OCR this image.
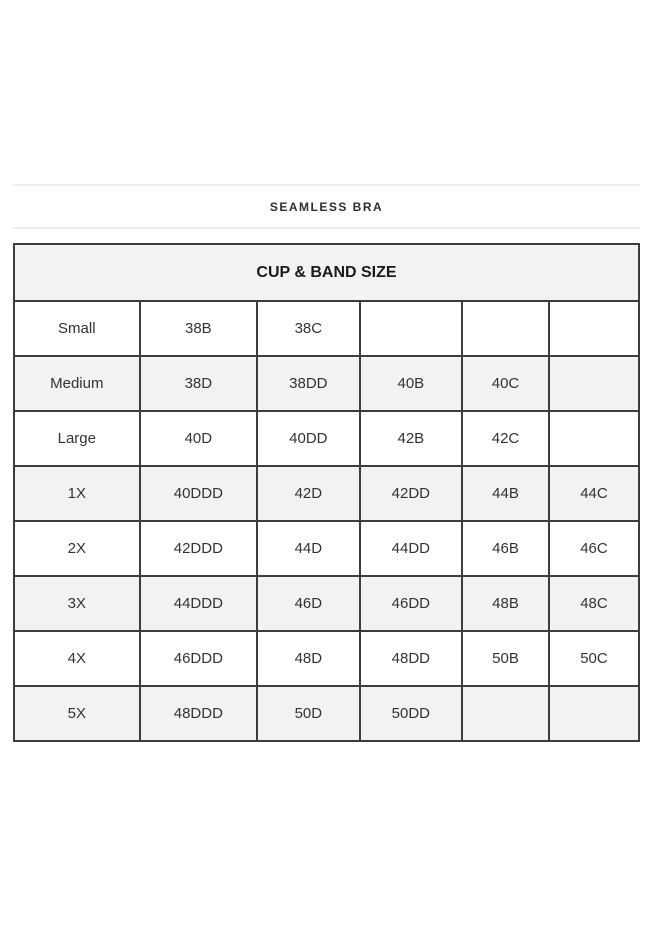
SEAMLESS BRA
CUP & BAND SIZE					
Small	38B	38C			
Medium	38D	38DD	40B	40C	
Large	40D	40DD	42B	42C	
1X	40DDD	42D	42DD	44B	44C
2X	42DDD	44D	44DD	46B	46C
3X	44DDD	46D	46DD	48B	48C
4X	46DDD	48D	48DD	50B	50C
5X	48DDD	50D	50DD		
